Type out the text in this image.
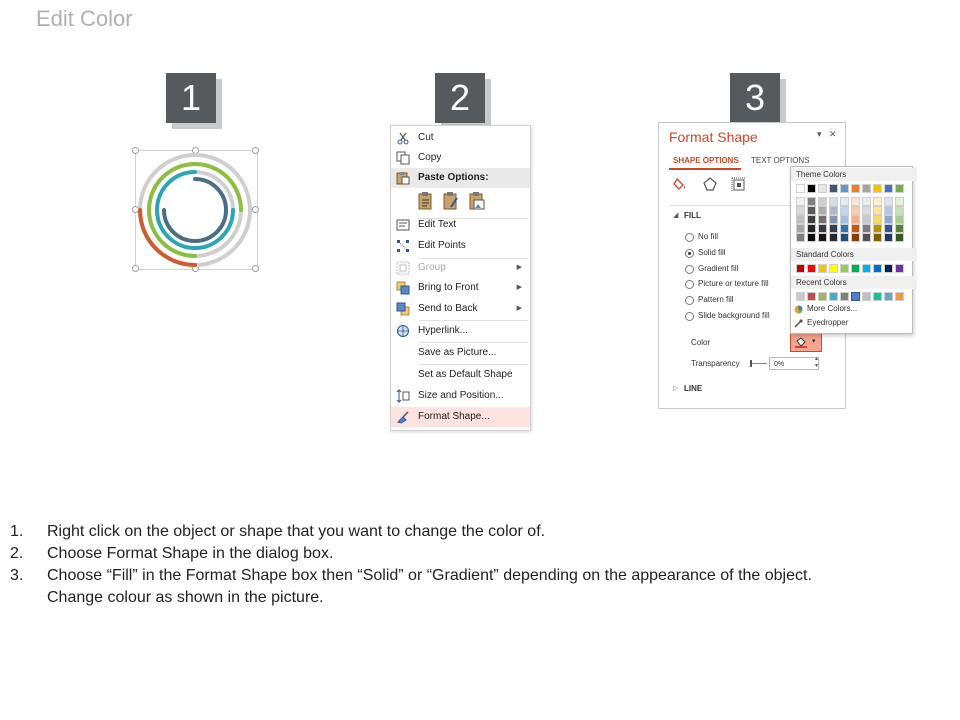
Edit Color
1	2	3
Cut
Copy
Paste Options:
Edit Text
Edit Points
Group	▶
Bring to Front	▶
Send to Back	▶
Hyperlink...
Save as Picture...
Set as Default Shape
Size and Position...
Format Shape...
Format Shape	▾ ✕
SHAPE OPTIONS TEXT OPTIONS
◢ FILL
No fill
Solid fill
Gradient fill
Picture or texture fill
Pattern fill
Slide background fill
Color	▾
Transparency	0%
▲
▼
▷ LINE
Theme Colors
Standard Colors
Recent Colors
More Colors...
Eyedropper
1. Right click on the object or shape that you want to change the color of.
2. Choose Format Shape in the dialog box.
3. Choose “Fill” in the Format Shape box then “Solid” or “Gradient” depending on the appearance of the object.
Change colour as shown in the picture.
